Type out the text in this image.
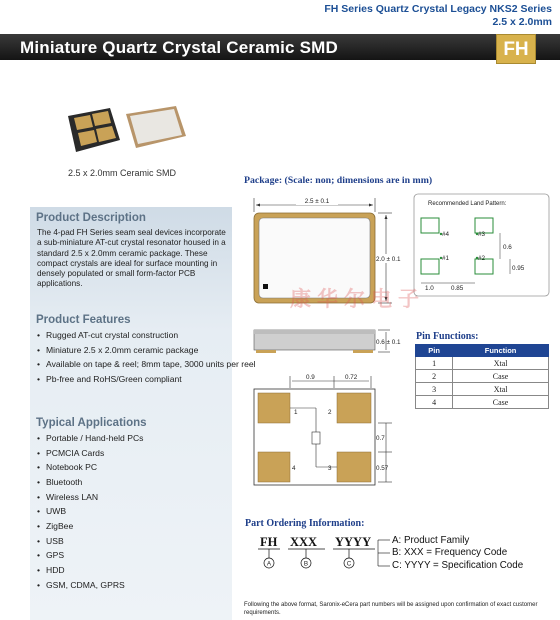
FH Series Quartz Crystal Legacy NKS2 Series
2.5 x 2.0mm
Miniature Quartz Crystal Ceramic SMD	FH
2.5 x 2.0mm Ceramic SMD
Product Description
The 4-pad FH Series seam seal devices incorporate a sub-miniature AT-cut crystal resonator housed in a standard 2.5 x 2.0mm ceramic package. These compact crystals are ideal for surface mounting in densely populated or small form-factor PCB applications.
Product Features
• Rugged AT-cut crystal construction
• Miniature 2.5 x 2.0mm ceramic package
• Available on tape & reel; 8mm tape, 3000 units per reel
• Pb-free and RoHS/Green compliant
Typical Applications
• Portable / Hand-held PCs
• PCMCIA Cards
• Notebook PC
• Bluetooth
• Wireless LAN
• UWB
• ZigBee
• USB
• GPS
• HDD
• GSM, CDMA, GPRS
Package: (Scale: non; dimensions are in mm)
Pin Functions:
Part Ordering Information:
2.5 ± 0.1
2.0 ± 0.1
0.6 ± 0.1
0.9	0.72
1	2
3
4
0.7
0.57
Recommended Land Pattern:
#4	#3
#1	#2
0.6
0.95
1.0	0.85
A	B	C
Pin	Function
1	Xtal
2	Case
3	Xtal
4	Case
FH XXX YYYY A: Product Family
B: XXX = Frequency Code
C: YYYY = Specification Code
Following the above format, Saronix-eCera part numbers will be assigned upon confirmation of exact customer requirements.
康华尔电子
